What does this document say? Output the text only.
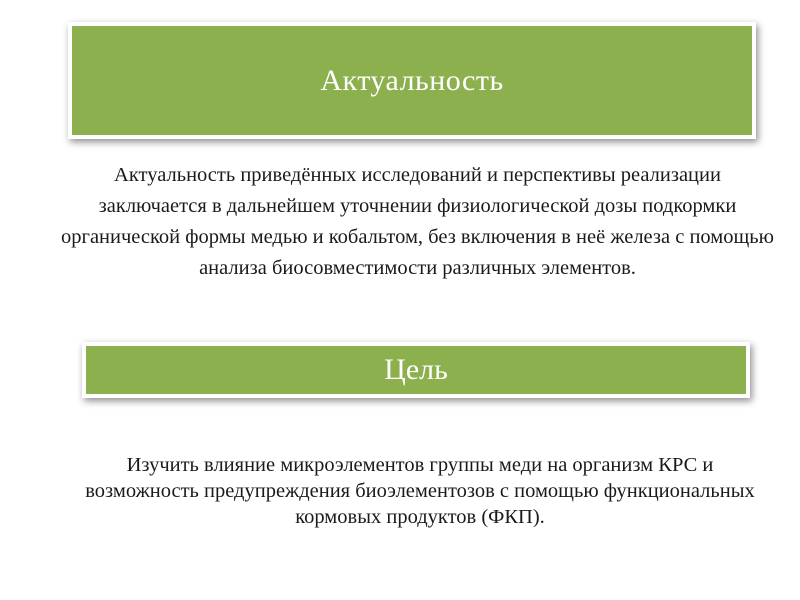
Актуальность

Актуальность приведённых исследований и перспективы реализации заключается в дальнейшем уточнении физиологической дозы подкормки органической формы медью и кобальтом, без включения в неё железа с помощью анализа биосовместимости различных элементов.

Цель

Изучить влияние микроэлементов группы меди на организм КРС и возможность предупреждения биоэлементозов с помощью функциональных кормовых продуктов (ФКП).
